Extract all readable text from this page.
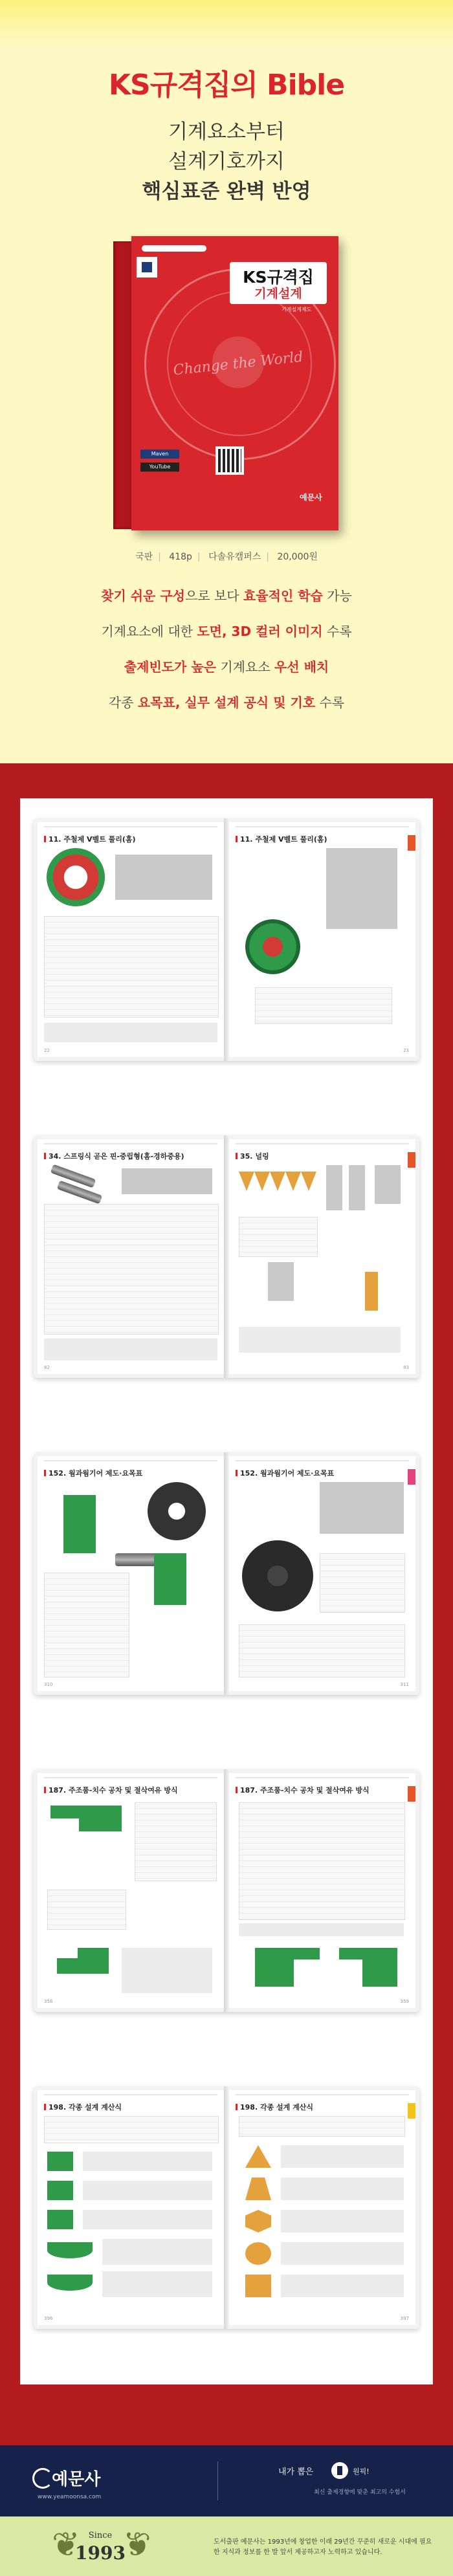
KS규격집의 Bible
기계요소부터
설계기호까지
핵심표준 완벽 반영
KS규격집
기계설계
기계설계제도
Change the World
Maven
YouTube
예문사
국판 | 418p | 다솔유캠퍼스 | 20,000원
찾기 쉬운 구성으로 보다 효율적인 학습 가능
기계요소에 대한 도면, 3D 컬러 이미지 수록
출제빈도가 높은 기계요소 우선 배치
각종 요목표, 실무 설계 공식 및 기호 수록
11. 주철제 V벨트 풀리(홈)
22
11. 주철제 V벨트 풀리(홈)
23
34. 스프링식 곧은 핀-중립형(홈-경하중용)
82
35. 널링
83
152. 웜과웜기어 제도·요목표
310
152. 웜과웜기어 제도·요목표
311
187. 주조품-치수 공차 및 절삭여유 방식
358
187. 주조품-치수 공차 및 절삭여유 방식
359
198. 각종 설계 계산식
396
198. 각종 설계 계산식
397
예문사
www.yeamoonsa.com
내가 뽑은	원픽!
최신 출제경향에 맞춘 최고의 수험서
❦	Since
1993
❦	도서출판 예문사는 1993년에 창업한 이래 29년간 꾸준히 새로운 시대에 필요한 지식과 정보를 한 발 앞서 제공하고자 노력하고 있습니다.
